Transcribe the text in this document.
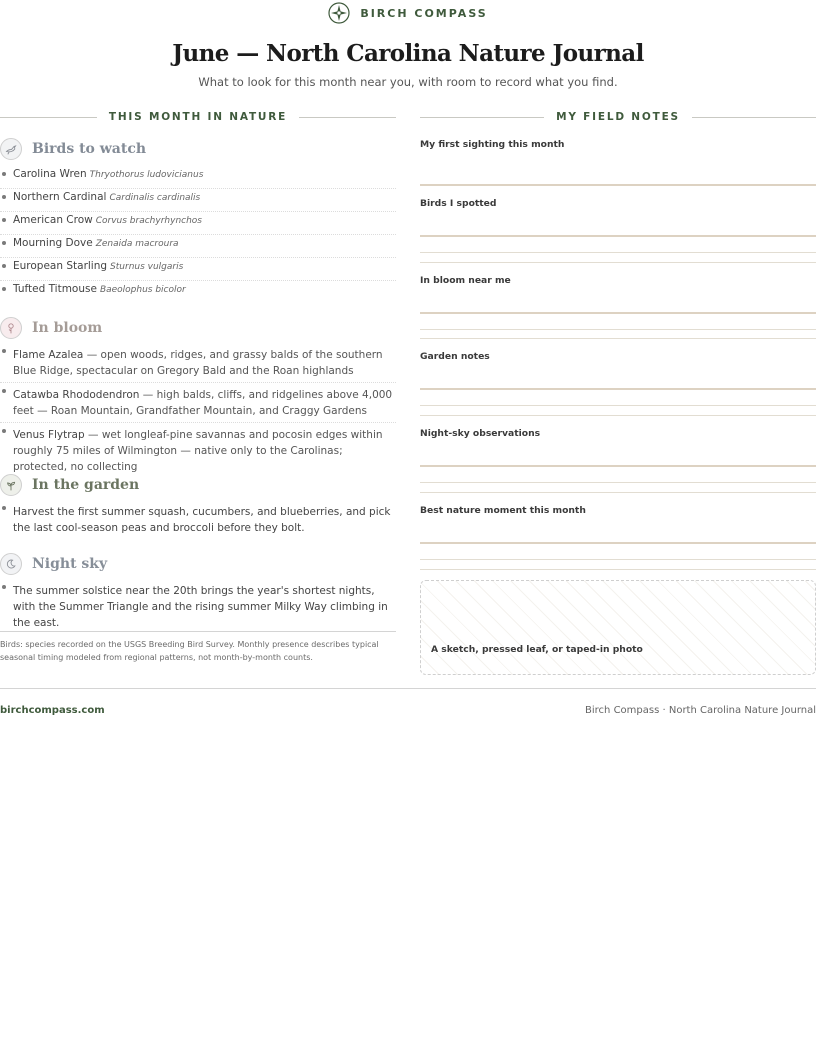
BIRCH COMPASS
June — North Carolina Nature Journal
What to look for this month near you, with room to record what you find.
THIS MONTH IN NATURE
Birds to watch
Carolina Wren Thryothorus ludovicianus
Northern Cardinal Cardinalis cardinalis
American Crow Corvus brachyrhynchos
Mourning Dove Zenaida macroura
European Starling Sturnus vulgaris
Tufted Titmouse Baeolophus bicolor
In bloom
Flame Azalea — open woods, ridges, and grassy balds of the southern Blue Ridge, spectacular on Gregory Bald and the Roan highlands
Catawba Rhododendron — high balds, cliffs, and ridgelines above 4,000 feet — Roan Mountain, Grandfather Mountain, and Craggy Gardens
Venus Flytrap — wet longleaf-pine savannas and pocosin edges within roughly 75 miles of Wilmington — native only to the Carolinas; protected, no collecting
In the garden
Harvest the first summer squash, cucumbers, and blueberries, and pick the last cool-season peas and broccoli before they bolt.
Night sky
The summer solstice near the 20th brings the year's shortest nights, with the Summer Triangle and the rising summer Milky Way climbing in the east.
Birds: species recorded on the USGS Breeding Bird Survey. Monthly presence describes typical seasonal timing modeled from regional patterns, not month-by-month counts.
MY FIELD NOTES
My first sighting this month
Birds I spotted
In bloom near me
Garden notes
Night-sky observations
Best nature moment this month
A sketch, pressed leaf, or taped-in photo
birchcompass.com	Birch Compass · North Carolina Nature Journal
